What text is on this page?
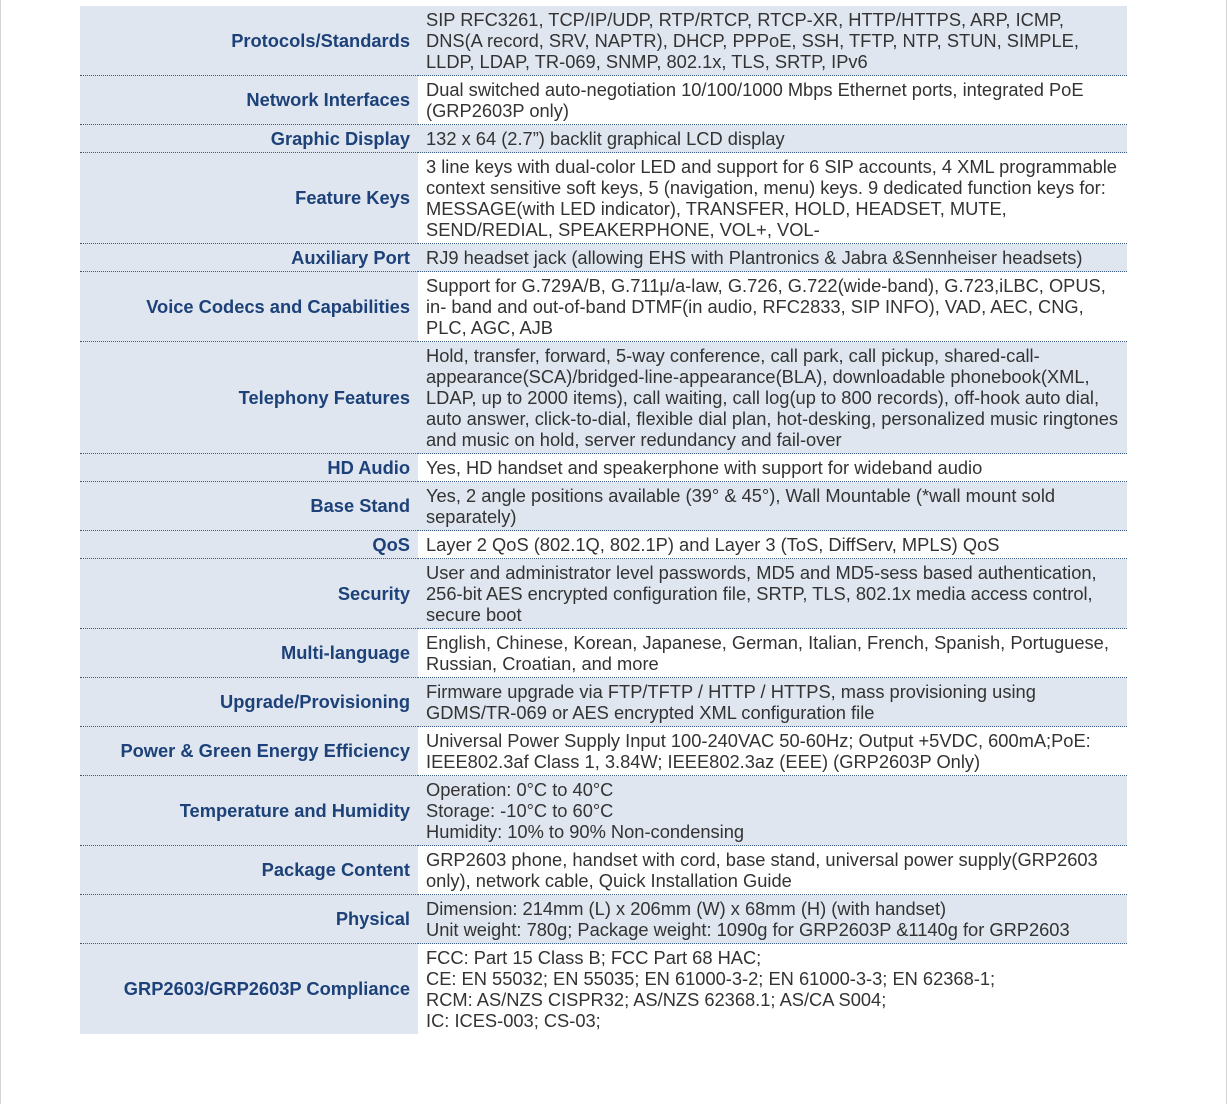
Protocols/Standards	SIP RFC3261, TCP/IP/UDP, RTP/RTCP, RTCP-XR, HTTP/HTTPS, ARP, ICMP, DNS(A record, SRV, NAPTR), DHCP, PPPoE, SSH, TFTP, NTP, STUN, SIMPLE, LLDP, LDAP, TR-069, SNMP, 802.1x, TLS, SRTP, IPv6

Network Interfaces	Dual switched auto-negotiation 10/100/1000 Mbps Ethernet ports, integrated PoE (GRP2603P only)

Graphic Display	132 x 64 (2.7”) backlit graphical LCD display

Feature Keys	3 line keys with dual-color LED and support for 6 SIP accounts, 4 XML programmable context sensitive soft keys, 5 (navigation, menu) keys. 9 dedicated function keys for: MESSAGE(with LED indicator), TRANSFER, HOLD, HEADSET, MUTE, SEND/REDIAL, SPEAKERPHONE, VOL+, VOL-

Auxiliary Port	RJ9 headset jack (allowing EHS with Plantronics & Jabra &Sennheiser headsets)

Voice Codecs and Capabilities	Support for G.729A/B, G.711μ/a-law, G.726, G.722(wide-band), G.723,iLBC, OPUS, in- band and out-of-band DTMF(in audio, RFC2833, SIP INFO), VAD, AEC, CNG, PLC, AGC, AJB

Telephony Features	Hold, transfer, forward, 5-way conference, call park, call pickup, shared-call-appearance(SCA)/bridged-line-appearance(BLA), downloadable phonebook(XML, LDAP, up to 2000 items), call waiting, call log(up to 800 records), off-hook auto dial, auto answer, click-to-dial, flexible dial plan, hot-desking, personalized music ringtones and music on hold, server redundancy and fail-over

HD Audio	Yes, HD handset and speakerphone with support for wideband audio

Base Stand	Yes, 2 angle positions available (39° & 45°), Wall Mountable (*wall mount sold separately)

QoS	Layer 2 QoS (802.1Q, 802.1P) and Layer 3 (ToS, DiffServ, MPLS) QoS

Security	User and administrator level passwords, MD5 and MD5-sess based authentication, 256-bit AES encrypted configuration file, SRTP, TLS, 802.1x media access control, secure boot

Multi-language	English, Chinese, Korean, Japanese, German, Italian, French, Spanish, Portuguese, Russian, Croatian, and more

Upgrade/Provisioning	Firmware upgrade via FTP/TFTP / HTTP / HTTPS, mass provisioning using GDMS/TR-069 or AES encrypted XML configuration file

Power & Green Energy Efficiency	Universal Power Supply Input 100-240VAC 50-60Hz; Output +5VDC, 600mA;PoE: IEEE802.3af Class 1, 3.84W; IEEE802.3az (EEE) (GRP2603P Only)

Temperature and Humidity	Operation: 0°C to 40°C
Storage: -10°C to 60°C
Humidity: 10% to 90% Non-condensing

Package Content	GRP2603 phone, handset with cord, base stand, universal power supply(GRP2603 only), network cable, Quick Installation Guide

Physical	Dimension: 214mm (L) x 206mm (W) x 68mm (H) (with handset)
Unit weight: 780g; Package weight: 1090g for GRP2603P &1140g for GRP2603

GRP2603/GRP2603P Compliance	FCC: Part 15 Class B; FCC Part 68 HAC;
CE: EN 55032; EN 55035; EN 61000-3-2; EN 61000-3-3; EN 62368-1;
RCM: AS/NZS CISPR32; AS/NZS 62368.1; AS/CA S004;
IC: ICES-003; CS-03;
